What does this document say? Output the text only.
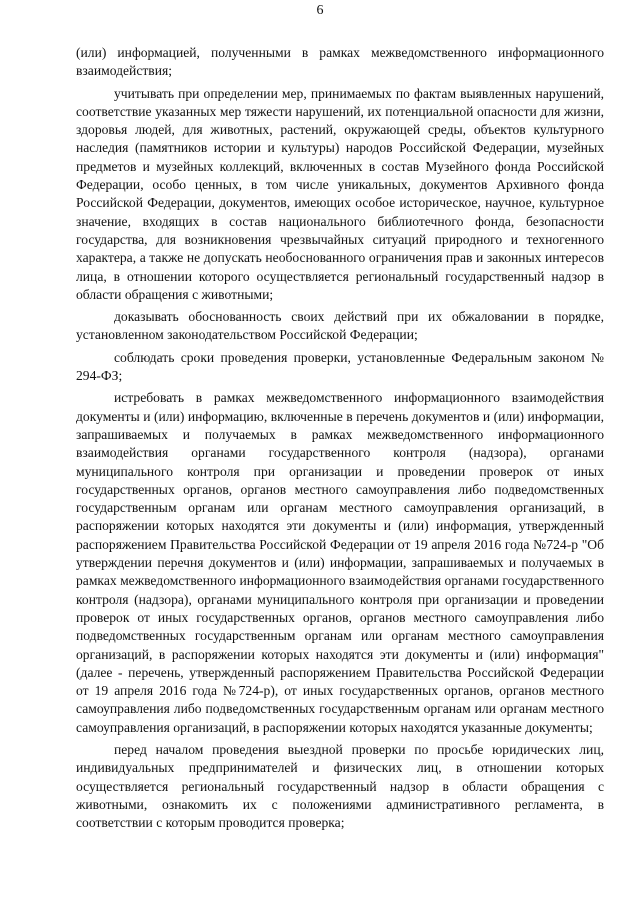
6

(или) информацией, полученными в рамках межведомственного информационного взаимодействия;

учитывать при определении мер, принимаемых по фактам выявленных нарушений, соответствие указанных мер тяжести нарушений, их потенциальной опасности для жизни, здоровья людей, для животных, растений, окружающей среды, объектов культурного наследия (памятников истории и культуры) народов Российской Федерации, музейных предметов и музейных коллекций, включенных в состав Музейного фонда Российской Федерации, особо ценных, в том числе уникальных, документов Архивного фонда Российской Федерации, документов, имеющих особое историческое, научное, культурное значение, входящих в состав национального библиотечного фонда, безопасности государства, для возникновения чрезвычайных ситуаций природного и техногенного характера, а также не допускать необоснованного ограничения прав и законных интересов лица, в отношении которого осуществляется региональный государственный надзор в области обращения с животными;

доказывать обоснованность своих действий при их обжаловании в порядке, установленном законодательством Российской Федерации;

соблюдать сроки проведения проверки, установленные Федеральным законом № 294-ФЗ;

истребовать в рамках межведомственного информационного взаимодействия документы и (или) информацию, включенные в перечень документов и (или) информации, запрашиваемых и получаемых в рамках межведомственного информационного взаимодействия органами государственного контроля (надзора), органами муниципального контроля при организации и проведении проверок от иных государственных органов, органов местного самоуправления либо подведомственных государственным органам или органам местного самоуправления организаций, в распоряжении которых находятся эти документы и (или) информация, утвержденный распоряжением Правительства Российской Федерации от 19 апреля 2016 года №724-р "Об утверждении перечня документов и (или) информации, запрашиваемых и получаемых в рамках межведомственного информационного взаимодействия органами государственного контроля (надзора), органами муниципального контроля при организации и проведении проверок от иных государственных органов, органов местного самоуправления либо подведомственных государственным органам или органам местного самоуправления организаций, в распоряжении которых находятся эти документы и (или) информация" (далее - перечень, утвержденный распоряжением Правительства Российской Федерации от 19 апреля 2016 года №724-р), от иных государственных органов, органов местного самоуправления либо подведомственных государственным органам или органам местного самоуправления организаций, в распоряжении которых находятся указанные документы;

перед началом проведения выездной проверки по просьбе юридических лиц, индивидуальных предпринимателей и физических лиц, в отношении которых осуществляется региональный государственный надзор в области обращения с животными, ознакомить их с положениями административного регламента, в соответствии с которым проводится проверка;
